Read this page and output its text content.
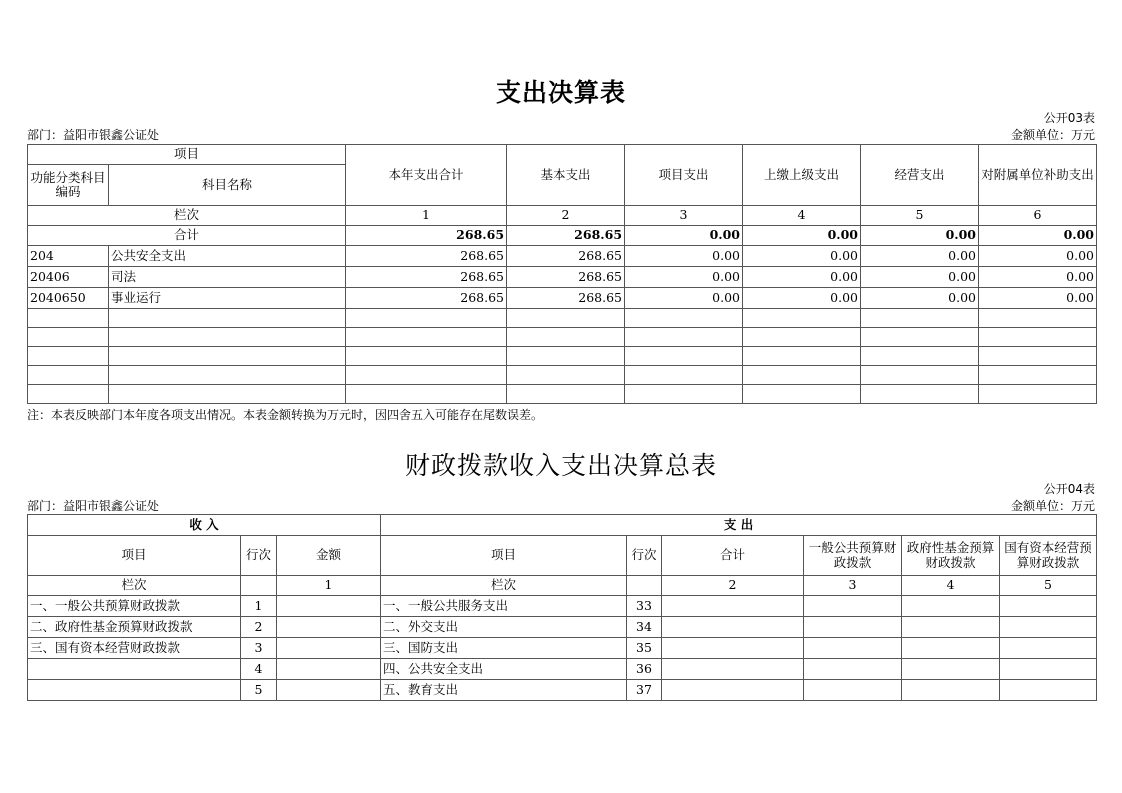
支出决算表
公开03表
部门：益阳市银鑫公证处	金额单位：万元
项目		本年支出合计	基本支出	项目支出	上缴上级支出	经营支出	对附属单位补助支出
功能分类科目编码	科目名称						
栏次		1	2	3	4	5	6
合计		268.65	268.65	0.00	0.00	0.00	0.00
204	公共安全支出	268.65	268.65	0.00	0.00	0.00	0.00
20406	司法	268.65	268.65	0.00	0.00	0.00	0.00
2040650	事业运行	268.65	268.65	0.00	0.00	0.00	0.00

注：本表反映部门本年度各项支出情况。本表金额转换为万元时，因四舍五入可能存在尾数误差。
财政拨款收入支出决算总表
公开04表
部门：益阳市银鑫公证处	金额单位：万元
收 入			支 出					
项目	行次	金额	项目	行次	合计	一般公共预算财政拨款	政府性基金预算财政拨款	国有资本经营预算财政拨款
栏次		1	栏次		2	3	4	5
一、一般公共预算财政拨款	1		一、一般公共服务支出	33				
二、政府性基金预算财政拨款	2		二、外交支出	34				
三、国有资本经营财政拨款	3		三、国防支出	35				
	4		四、公共安全支出	36				
	5		五、教育支出	37				
